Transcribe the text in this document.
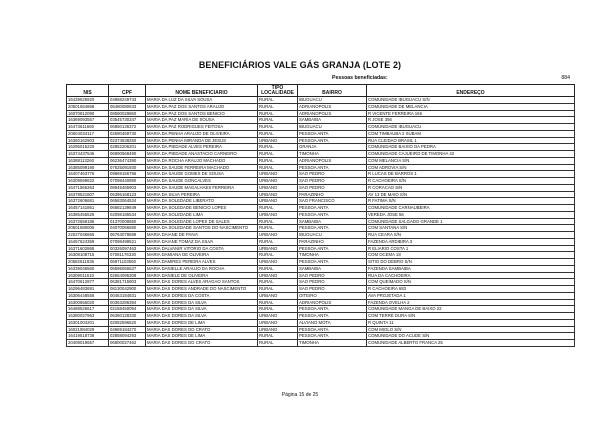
BENEFICIÁRIOS VALE GÁS GRANJA (LOTE 2)
Pessoas beneficiadas:	884
NIS	CPF	NOME BENEFICIARIO	TIPO LOCALIDADE	BAIRRO	ENDEREÇO
16439625920	04968249743	MARIA DA LUZ DA SILVA SOUSA	RURAL	IBUGUACU	COMUNIDADE IBUGUACU S/N
20501654868	06480080633	MARIA DA PAZ DOS SANTOS ARAUJO	RURAL	ADRIANOPOLIS	COMUNIDADE DE MELANCIA
16070812090	08590029860	MARIA DA PAZ DOS SANTOS BENICIO	RURAL	ADRIANOPOLIS	R VICENTE FERREIRA 166
16369093557	03545730347	MARIA DA PAZ MARIA DE SOUSA	RURAL	SAMBAIBA	R JOSE 356
16473611660	06850136372	MARIA DA PAZ RODRIGUES FEITOSA	RURAL	IBUGUACU	COMUNIDADE IBUGUACU
20604034117	02590469730	MARIA DA PENHA ARAUJO DE OLIVEIRA	RURAL	PESSOA ANTA	COM TIMBAUBA 2 SUBAM
16360162903	02374538250	MARIA DA PENHA MIRANDA DE JESUS	URBANO	PESSOA ANTA	RUA CLEIDAO BRASIL 1
16295016220	02852206201	MARIA DA PIEDADE ALVES PEREIRA	RURAL	GRANJA	COMUNIDADE BAIXIO DA PEDRA
16374437546	06890568490	MARIA DA PIEDADE ANASTACIO CARNEIRO	RURAL	TIMONHA	COMUNIDADE CAJUEIRO DE TIMONHA 42
16388113260	06236474390	MARIA DA ROCHA ARAUJO MACHADO	RURAL	ADRIANOPOLIS	COM MELANCIA S/N
16385099190	07625091930	MARIA DA SAUDE FERREIRA MACHADO	RURAL	PESSOA ANTA	COM ADROVIA S/N
16407463776	09869156796	MARIA DA SAUDE GOMES DE SOUSA	URBANO	SAO PEDRO	R LUCAS DE BARROS 1
16309599622	07098440890	MARIA DA SAUDE GONCALVES	URBANO	SAO PEDRO	R CACHOEIRA S/N
16471566263	08945465903	MARIA DA SAUDE MAGALHAES FERREIRA	URBANO	SAO PEDRO	R CORACAO S/N
16379521607	06396168123	MARIA DA SILVA PEREIRA	URBANO	PARAZINHO	AV 13 DE MAIO S/N
16372606681	06583064534	MARIA DA SOLEDADE LIBERATO	URBANO	SAO FRANCISCO	R FATIMA S/N
16457141861	06682139649	MARIA DA SOLEDADE BENICIO LOPES	RURAL	PESSOA ANTA	COMUNIDADE CARNAUBEIRA
16385455526	02098185534	MARIA DA SOLEDADE LIMA	URBANO	PESSOA ANTA	VEREDA JOSE 56
16372658185	01370008650	MARIA DA SOLEDADE LOPES DE SALES	RURAL	SAMBAIBA	COMUNIDADE SALGADO GRANDE 1
20601580005	04070056590	MARIA DA SOLEDADE SANTOS DO NASCIMENTO	RURAL	PESSOA ANTA	COM SANTANA S/N
22027046665	06763078689	MARIA DAIANE DE PAIVA	URBANO	IBUGUACU	RUA CEARA S/N
16457624359	07098498521	MARIA DAIANE TOMAZ DA SILVA	RURAL	PARAZINHO	FAZENDA ARDIBIRA 3
16371602865	00326097463	MARIA DALVANIR VITORIO DA COSTA	URBANO	PESSOA ANTA	R ELIARIO COSTA 1
16308108715	07081176330	MARIA DAMIANA DE OLIVEIRA	RURAL	TIMONHA	COM OCEMA 18
20582611936	06871103560	MARIA DAMIRES PEREIRA ALVES	URBANO	PESSOA ANTA	SITIO DO DEBRO S/N
16339046560	06595056537	MARIA DANIELLE ARAUJO DA ROCHA	RURAL	SAMBAIBA	FAZENDA SAMBAIBA
16309011610	02654095309	MARIA DANIELE DE OLIVEIRA	URBANO	SAO PEDRO	RUA DA CACHOEIRA
16470612977	06381715903	MARIA DAS DORES ALVES ARAGAO SANTOS	RURAL	SAO PEDRO	COM QUEIMADO S/N
16296483691	08130042900	MARIA DAS DORES ANDRADE DO NASCIMENTO	RURAL	SAO PEDRO	R CACHOEIRA 683
16306448556	00463184831	MARIA DAS DORES DA COSTA	URBANO	OITEIRO	AVA PROJETADA 1
16300655020	00363286394	MARIA DAS DORES DA SILVA	RURAL	ADRIANOPOLIS	FAZENDA OVELHA 2
16488525617	02158450094	MARIA DAS DORES DA SILVA	RURAL	PESSOA ANTA	COMUNIDADE MANGA DE BAIXO 22
16380027963	06380128330	MARIA DAS DORES DA SILVA	URBANO	PESSOA ANTA	COM TERRE DURA S/N
16301004201	02082596520	MARIA DAS DORES DE LIMA	URBANO	ALVIANO MOTA	R QUINTA 11
16021984029	04969184270	MARIA DAS DORES DO CRATO	URBANO	PESSOA ANTA	COM MIOLO S/N
16419518739	02858094293	MARIA DAS DORES DE LIMA	RURAL	PESSOA ANTA	COMUNIDADE DO ACUDE S/N
20408019657	06800027462	MARIA DAS DORES DO CRATO	RURAL	TIMONHA	COMUNIDADE ALBERTO FRANCA 25
Página 15 de 25
